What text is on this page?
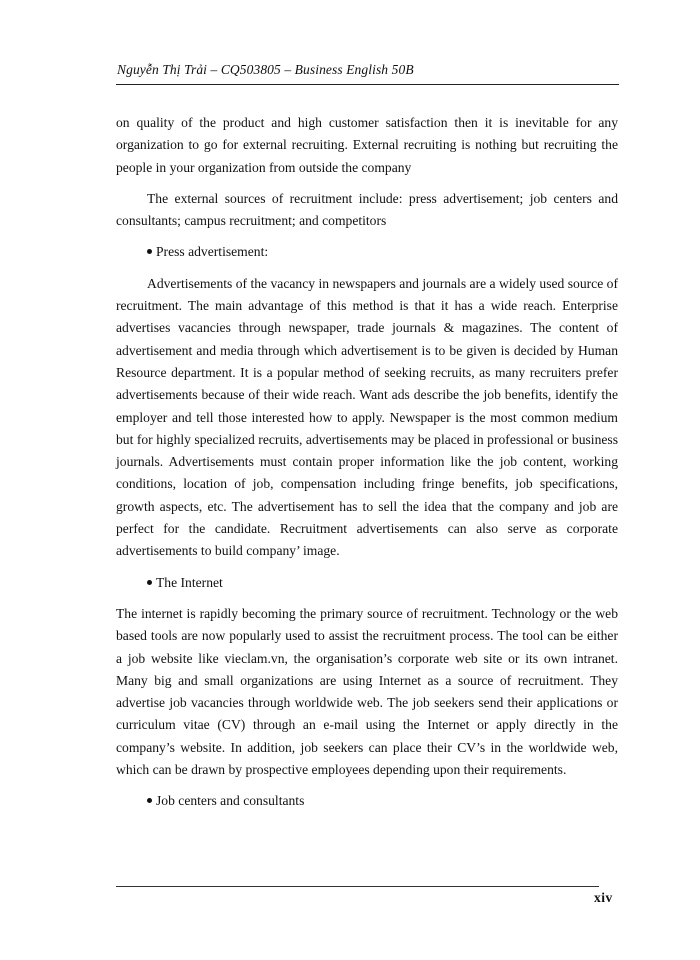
Nguyễn Thị Trải – CQ503805 – Business English 50B

on quality of the product and high customer satisfaction then it is inevitable for any organization to go for external recruiting. External recruiting is nothing but recruiting the people in your organization from outside the company

The external sources of recruitment include: press advertisement; job centers and consultants; campus recruitment; and competitors

Press advertisement:

Advertisements of the vacancy in newspapers and journals are a widely used source of recruitment. The main advantage of this method is that it has a wide reach. Enterprise advertises vacancies through newspaper, trade journals & magazines. The content of advertisement and media through which advertisement is to be given is decided by Human Resource department. It is a popular method of seeking recruits, as many recruiters prefer advertisements because of their wide reach. Want ads describe the job benefits, identify the employer and tell those interested how to apply. Newspaper is the most common medium but for highly specialized recruits, advertisements may be placed in professional or business journals. Advertisements must contain proper information like the job content, working conditions, location of job, compensation including fringe benefits, job specifications, growth aspects, etc. The advertisement has to sell the idea that the company and job are perfect for the candidate. Recruitment advertisements can also serve as corporate advertisements to build company’ image.

The Internet

The internet is rapidly becoming the primary source of recruitment. Technology or the web based tools are now popularly used to assist the recruitment process. The tool can be either a job website like vieclam.vn, the organisation’s corporate web site or its own intranet. Many big and small organizations are using Internet as a source of recruitment. They advertise job vacancies through worldwide web. The job seekers send their applications or curriculum vitae (CV) through an e-mail using the Internet or apply directly in the company’s website. In addition, job seekers can place their CV’s in the worldwide web, which can be drawn by prospective employees depending upon their requirements.

Job centers and consultants
xiv
